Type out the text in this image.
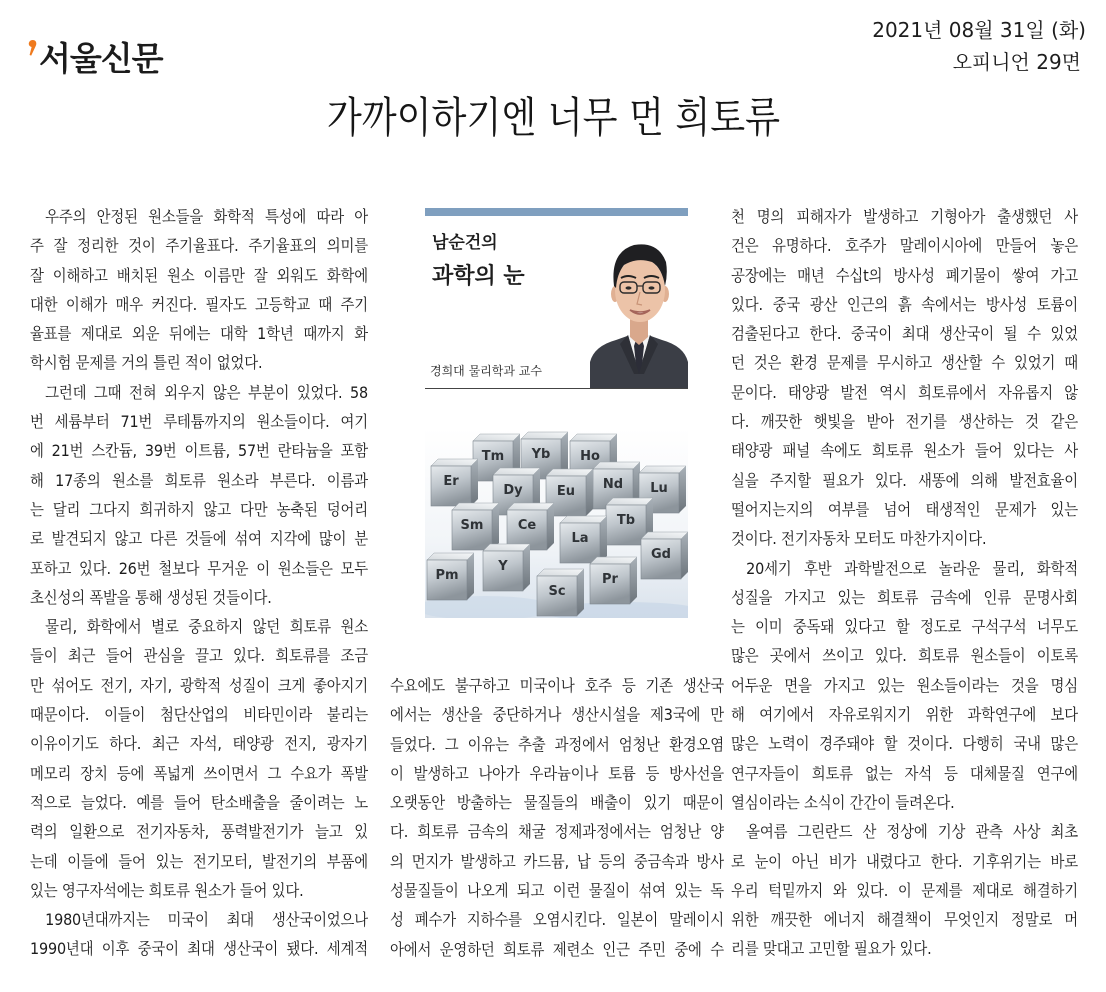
서울신문
2021년 08월 31일 (화)
오피니언 29면
가까이하기엔 너무 먼 희토류
우주의 안정된 원소들을 화학적 특성에 따라 아
주 잘 정리한 것이 주기율표다. 주기율표의 의미를
잘 이해하고 배치된 원소 이름만 잘 외워도 화학에
대한 이해가 매우 커진다. 필자도 고등학교 때 주기
율표를 제대로 외운 뒤에는 대학 1학년 때까지 화
학시험 문제를 거의 틀린 적이 없었다.
그런데 그때 전혀 외우지 않은 부분이 있었다. 58
번 세륨부터 71번 루테튬까지의 원소들이다. 여기
에 21번 스칸듐, 39번 이트륨, 57번 란타늄을 포함
해 17종의 원소를 희토류 원소라 부른다. 이름과
는 달리 그다지 희귀하지 않고 다만 농축된 덩어리
로 발견되지 않고 다른 것들에 섞여 지각에 많이 분
포하고 있다. 26번 철보다 무거운 이 원소들은 모두
초신성의 폭발을 통해 생성된 것들이다.
물리, 화학에서 별로 중요하지 않던 희토류 원소
들이 최근 들어 관심을 끌고 있다. 희토류를 조금
만 섞어도 전기, 자기, 광학적 성질이 크게 좋아지기
때문이다. 이들이 첨단산업의 비타민이라 불리는
이유이기도 하다. 최근 자석, 태양광 전지, 광자기
메모리 장치 등에 폭넓게 쓰이면서 그 수요가 폭발
적으로 늘었다. 예를 들어 탄소배출을 줄이려는 노
력의 일환으로 전기자동차, 풍력발전기가 늘고 있
는데 이들에 들어 있는 전기모터, 발전기의 부품에
있는 영구자석에는 희토류 원소가 들어 있다.
1980년대까지는 미국이 최대 생산국이었으나
1990년대 이후 중국이 최대 생산국이 됐다. 세계적
수요에도 불구하고 미국이나 호주 등 기존 생산국
에서는 생산을 중단하거나 생산시설을 제3국에 만
들었다. 그 이유는 추출 과정에서 엄청난 환경오염
이 발생하고 나아가 우라늄이나 토륨 등 방사선을
오랫동안 방출하는 물질들의 배출이 있기 때문이
다. 희토류 금속의 채굴 정제과정에서는 엄청난 양
의 먼지가 발생하고 카드뮴, 납 등의 중금속과 방사
성물질들이 나오게 되고 이런 물질이 섞여 있는 독
성 폐수가 지하수를 오염시킨다. 일본이 말레이시
아에서 운영하던 희토류 제련소 인근 주민 중에 수
천 명의 피해자가 발생하고 기형아가 출생했던 사
건은 유명하다. 호주가 말레이시아에 만들어 놓은
공장에는 매년 수십t의 방사성 폐기물이 쌓여 가고
있다. 중국 광산 인근의 흙 속에서는 방사성 토륨이
검출된다고 한다. 중국이 최대 생산국이 될 수 있었
던 것은 환경 문제를 무시하고 생산할 수 있었기 때
문이다. 태양광 발전 역시 희토류에서 자유롭지 않
다. 깨끗한 햇빛을 받아 전기를 생산하는 것 같은
태양광 패널 속에도 희토류 원소가 들어 있다는 사
실을 주지할 필요가 있다. 새똥에 의해 발전효율이
떨어지는지의 여부를 넘어 태생적인 문제가 있는
것이다. 전기자동차 모터도 마찬가지이다.
20세기 후반 과학발전으로 놀라운 물리, 화학적
성질을 가지고 있는 희토류 금속에 인류 문명사회
는 이미 중독돼 있다고 할 정도로 구석구석 너무도
많은 곳에서 쓰이고 있다. 희토류 원소들이 이토록
어두운 면을 가지고 있는 원소들이라는 것을 명심
해 여기에서 자유로워지기 위한 과학연구에 보다
많은 노력이 경주돼야 할 것이다. 다행히 국내 많은
연구자들이 희토류 없는 자석 등 대체물질 연구에
열심이라는 소식이 간간이 들려온다.
올여름 그린란드 산 정상에 기상 관측 사상 최초
로 눈이 아닌 비가 내렸다고 한다. 기후위기는 바로
우리 턱밑까지 와 있다. 이 문제를 제대로 해결하기
위한 깨끗한 에너지 해결책이 무엇인지 정말로 머
리를 맞대고 고민할 필요가 있다.
남순건의
과학의 눈
경희대 물리학과 교수
Yb
Tm	Ho
Er	Nd Lu
Dy	Eu
Tb
Sm	Ce
La
Gd
Y
Pm	Pr
Sc
